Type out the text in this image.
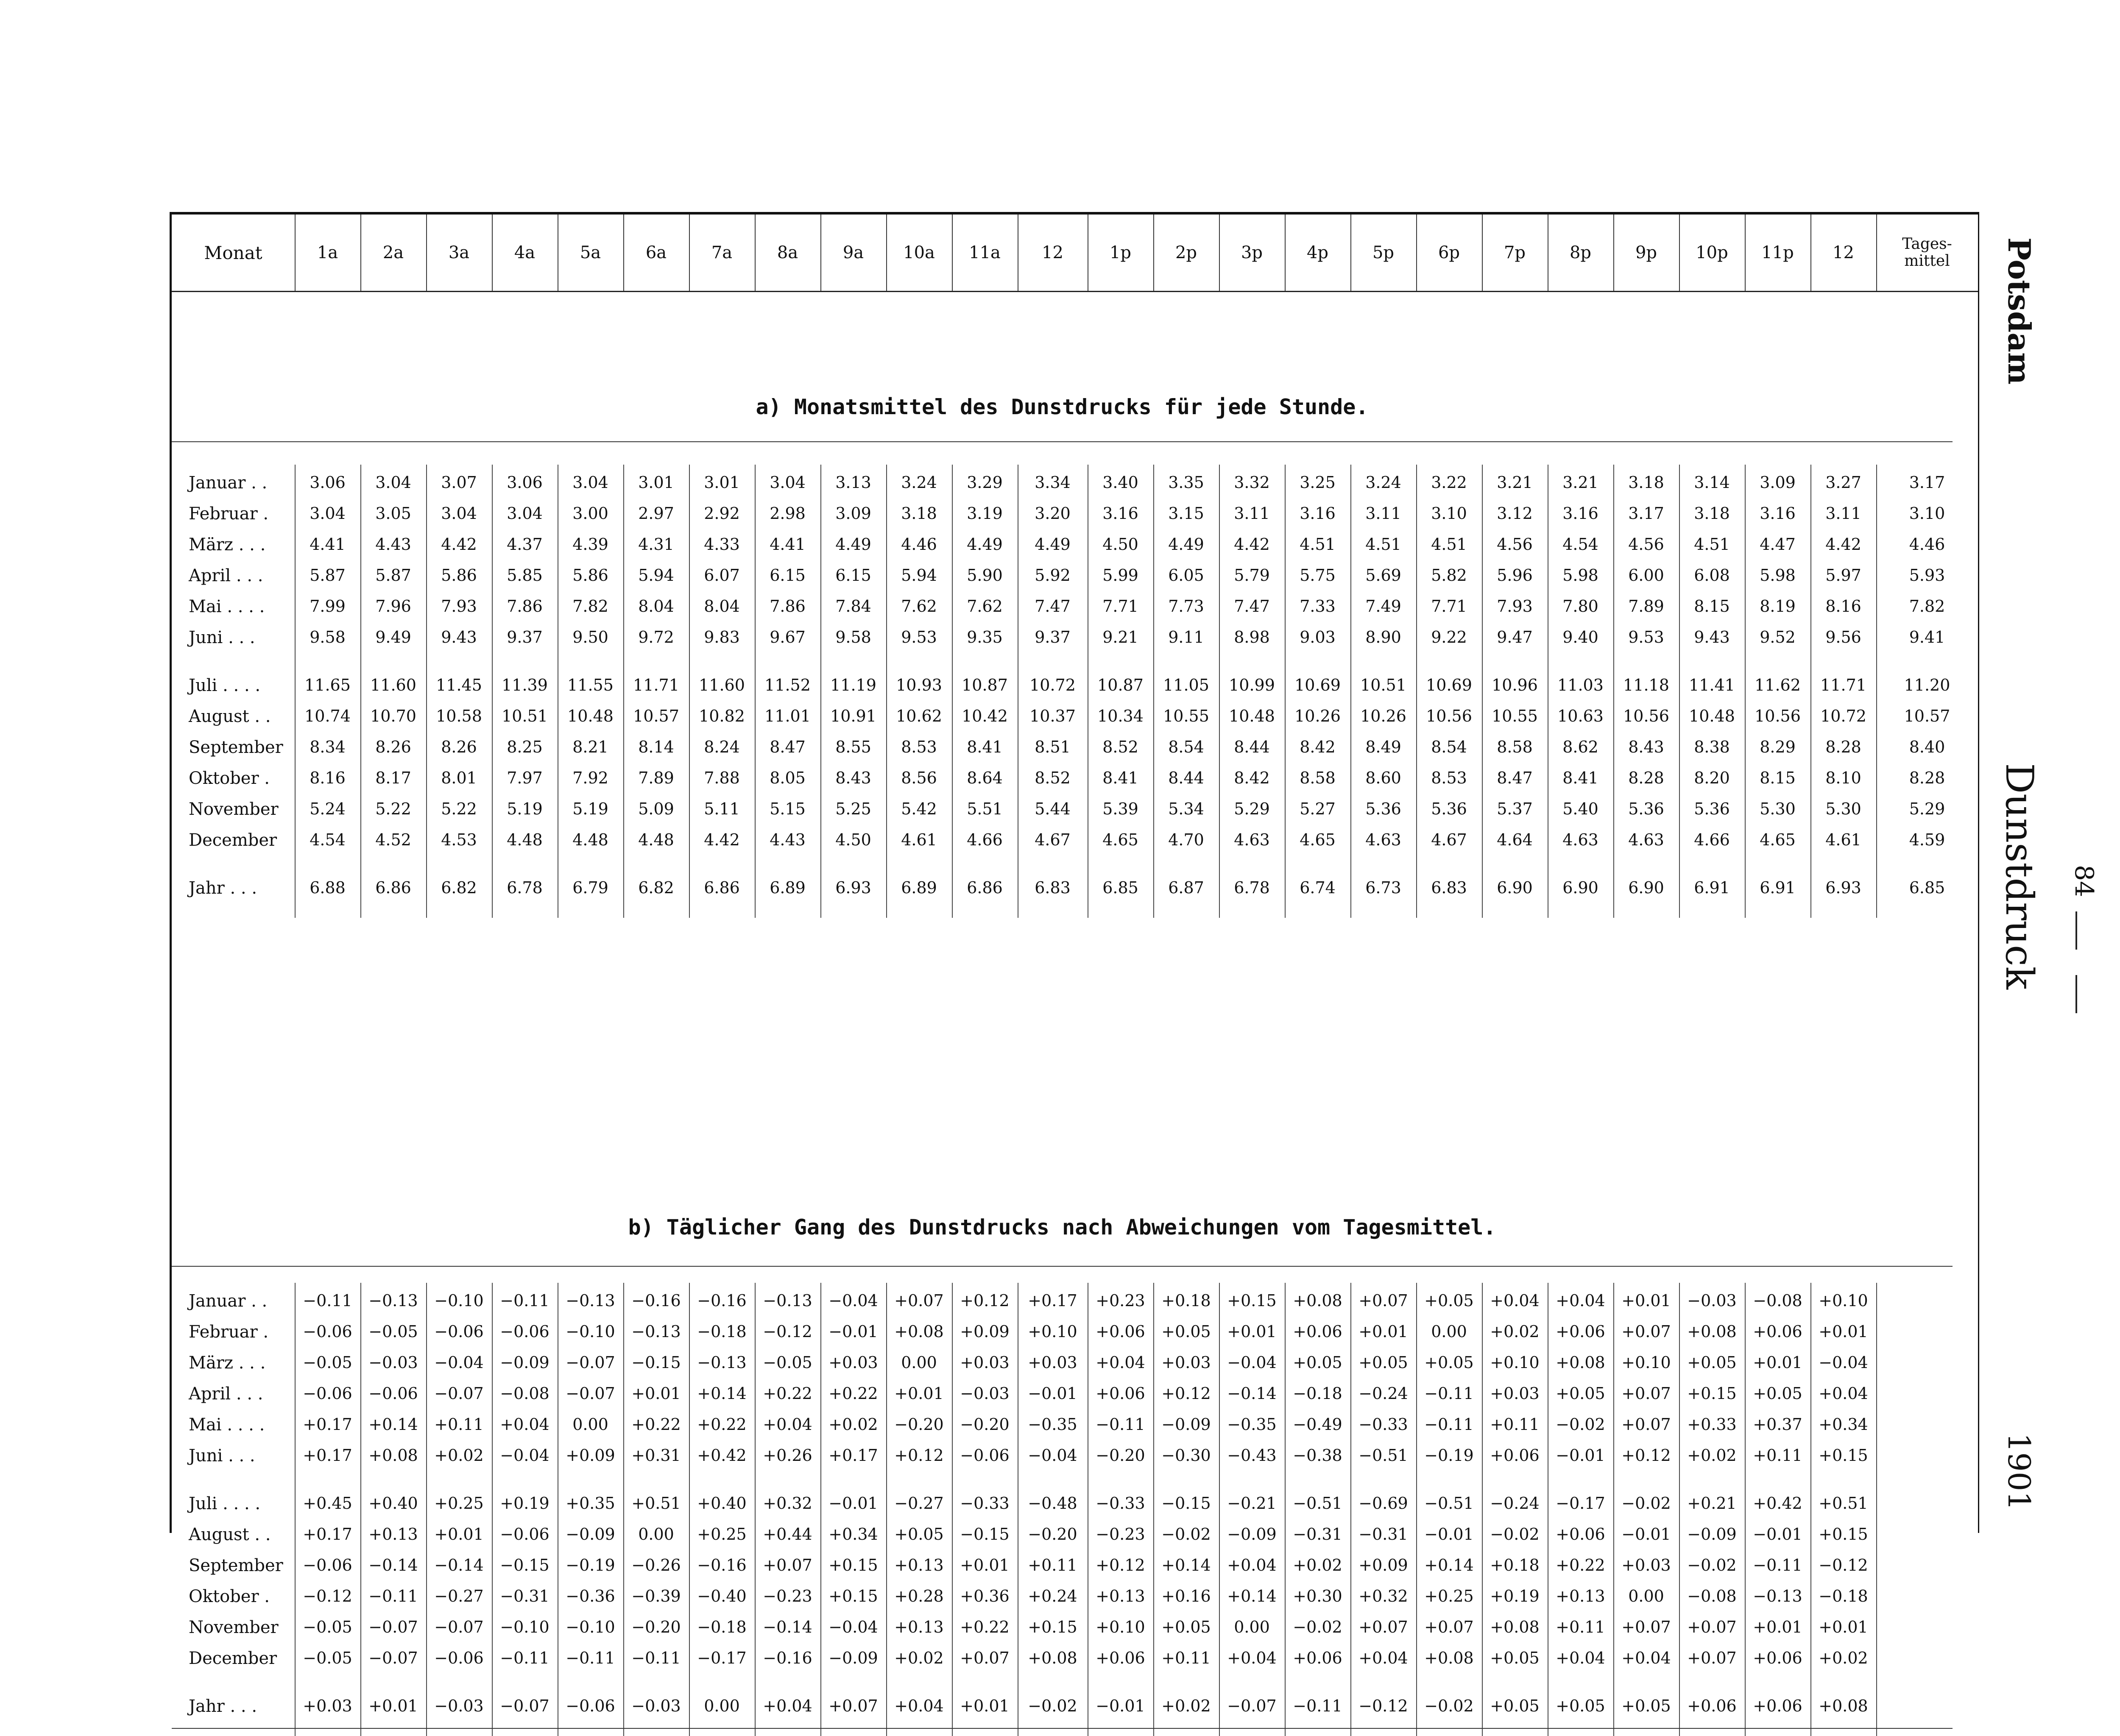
Monat	1a	2a	3a	4a	5a	6a	7a	8a	9a	10a	11a	12	1p	2p	3p	4p	5p	6p	7p	8p	9p	10p	11p	12	Tages-
mittel
a) Monatsmittel des Dunstdrucks für jede Stunde.
Januar . .	3.06	3.04	3.07	3.06	3.04	3.01	3.01	3.04	3.13	3.24	3.29	3.34	3.40	3.35	3.32	3.25	3.24	3.22	3.21	3.21	3.18	3.14	3.09	3.27	3.17
Februar .	3.04	3.05	3.04	3.04	3.00	2.97	2.92	2.98	3.09	3.18	3.19	3.20	3.16	3.15	3.11	3.16	3.11	3.10	3.12	3.16	3.17	3.18	3.16	3.11	3.10
März . . .	4.41	4.43	4.42	4.37	4.39	4.31	4.33	4.41	4.49	4.46	4.49	4.49	4.50	4.49	4.42	4.51	4.51	4.51	4.56	4.54	4.56	4.51	4.47	4.42	4.46
April . . .	5.87	5.87	5.86	5.85	5.86	5.94	6.07	6.15	6.15	5.94	5.90	5.92	5.99	6.05	5.79	5.75	5.69	5.82	5.96	5.98	6.00	6.08	5.98	5.97	5.93
Mai . . . .	7.99	7.96	7.93	7.86	7.82	8.04	8.04	7.86	7.84	7.62	7.62	7.47	7.71	7.73	7.47	7.33	7.49	7.71	7.93	7.80	7.89	8.15	8.19	8.16	7.82
Juni . . .	9.58	9.49	9.43	9.37	9.50	9.72	9.83	9.67	9.58	9.53	9.35	9.37	9.21	9.11	8.98	9.03	8.90	9.22	9.47	9.40	9.53	9.43	9.52	9.56	9.41
Juli . . . .	11.65	11.60	11.45	11.39	11.55	11.71	11.60	11.52	11.19	10.93	10.87	10.72	10.87	11.05	10.99	10.69	10.51	10.69	10.96	11.03	11.18	11.41	11.62	11.71	11.20
August . .	10.74	10.70	10.58	10.51	10.48	10.57	10.82	11.01	10.91	10.62	10.42	10.37	10.34	10.55	10.48	10.26	10.26	10.56	10.55	10.63	10.56	10.48	10.56	10.72	10.57
September	8.34	8.26	8.26	8.25	8.21	8.14	8.24	8.47	8.55	8.53	8.41	8.51	8.52	8.54	8.44	8.42	8.49	8.54	8.58	8.62	8.43	8.38	8.29	8.28	8.40
Oktober .	8.16	8.17	8.01	7.97	7.92	7.89	7.88	8.05	8.43	8.56	8.64	8.52	8.41	8.44	8.42	8.58	8.60	8.53	8.47	8.41	8.28	8.20	8.15	8.10	8.28
November	5.24	5.22	5.22	5.19	5.19	5.09	5.11	5.15	5.25	5.42	5.51	5.44	5.39	5.34	5.29	5.27	5.36	5.36	5.37	5.40	5.36	5.36	5.30	5.30	5.29
December	4.54	4.52	4.53	4.48	4.48	4.48	4.42	4.43	4.50	4.61	4.66	4.67	4.65	4.70	4.63	4.65	4.63	4.67	4.64	4.63	4.63	4.66	4.65	4.61	4.59
Jahr . . .	6.88	6.86	6.82	6.78	6.79	6.82	6.86	6.89	6.93	6.89	6.86	6.83	6.85	6.87	6.78	6.74	6.73	6.83	6.90	6.90	6.90	6.91	6.91	6.93	6.85
b) Täglicher Gang des Dunstdrucks nach Abweichungen vom Tagesmittel.
Januar . .	−0.11	−0.13	−0.10	−0.11	−0.13	−0.16	−0.16	−0.13	−0.04	+0.07	+0.12	+0.17	+0.23	+0.18	+0.15	+0.08	+0.07	+0.05	+0.04	+0.04	+0.01	−0.03	−0.08	+0.10
Februar .	−0.06	−0.05	−0.06	−0.06	−0.10	−0.13	−0.18	−0.12	−0.01	+0.08	+0.09	+0.10	+0.06	+0.05	+0.01	+0.06	+0.01	0.00	+0.02	+0.06	+0.07	+0.08	+0.06	+0.01
März . . .	−0.05	−0.03	−0.04	−0.09	−0.07	−0.15	−0.13	−0.05	+0.03	0.00	+0.03	+0.03	+0.04	+0.03	−0.04	+0.05	+0.05	+0.05	+0.10	+0.08	+0.10	+0.05	+0.01	−0.04
April . . .	−0.06	−0.06	−0.07	−0.08	−0.07	+0.01	+0.14	+0.22	+0.22	+0.01	−0.03	−0.01	+0.06	+0.12	−0.14	−0.18	−0.24	−0.11	+0.03	+0.05	+0.07	+0.15	+0.05	+0.04
Mai . . . .	+0.17	+0.14	+0.11	+0.04	0.00	+0.22	+0.22	+0.04	+0.02	−0.20	−0.20	−0.35	−0.11	−0.09	−0.35	−0.49	−0.33	−0.11	+0.11	−0.02	+0.07	+0.33	+0.37	+0.34
Juni . . .	+0.17	+0.08	+0.02	−0.04	+0.09	+0.31	+0.42	+0.26	+0.17	+0.12	−0.06	−0.04	−0.20	−0.30	−0.43	−0.38	−0.51	−0.19	+0.06	−0.01	+0.12	+0.02	+0.11	+0.15
Juli . . . .	+0.45	+0.40	+0.25	+0.19	+0.35	+0.51	+0.40	+0.32	−0.01	−0.27	−0.33	−0.48	−0.33	−0.15	−0.21	−0.51	−0.69	−0.51	−0.24	−0.17	−0.02	+0.21	+0.42	+0.51
August . .	+0.17	+0.13	+0.01	−0.06	−0.09	0.00	+0.25	+0.44	+0.34	+0.05	−0.15	−0.20	−0.23	−0.02	−0.09	−0.31	−0.31	−0.01	−0.02	+0.06	−0.01	−0.09	−0.01	+0.15
September	−0.06	−0.14	−0.14	−0.15	−0.19	−0.26	−0.16	+0.07	+0.15	+0.13	+0.01	+0.11	+0.12	+0.14	+0.04	+0.02	+0.09	+0.14	+0.18	+0.22	+0.03	−0.02	−0.11	−0.12
Oktober .	−0.12	−0.11	−0.27	−0.31	−0.36	−0.39	−0.40	−0.23	+0.15	+0.28	+0.36	+0.24	+0.13	+0.16	+0.14	+0.30	+0.32	+0.25	+0.19	+0.13	0.00	−0.08	−0.13	−0.18
November	−0.05	−0.07	−0.07	−0.10	−0.10	−0.20	−0.18	−0.14	−0.04	+0.13	+0.22	+0.15	+0.10	+0.05	0.00	−0.02	+0.07	+0.07	+0.08	+0.11	+0.07	+0.07	+0.01	+0.01
December	−0.05	−0.07	−0.06	−0.11	−0.11	−0.11	−0.17	−0.16	−0.09	+0.02	+0.07	+0.08	+0.06	+0.11	+0.04	+0.06	+0.04	+0.08	+0.05	+0.04	+0.04	+0.07	+0.06	+0.02
Jahr . . .	+0.03	+0.01	−0.03	−0.07	−0.06	−0.03	0.00	+0.04	+0.07	+0.04	+0.01	−0.02	−0.01	+0.02	−0.07	−0.11	−0.12	−0.02	+0.05	+0.05	+0.05	+0.06	+0.06	+0.08
Potsdam
Dunstdruck 84
1901
